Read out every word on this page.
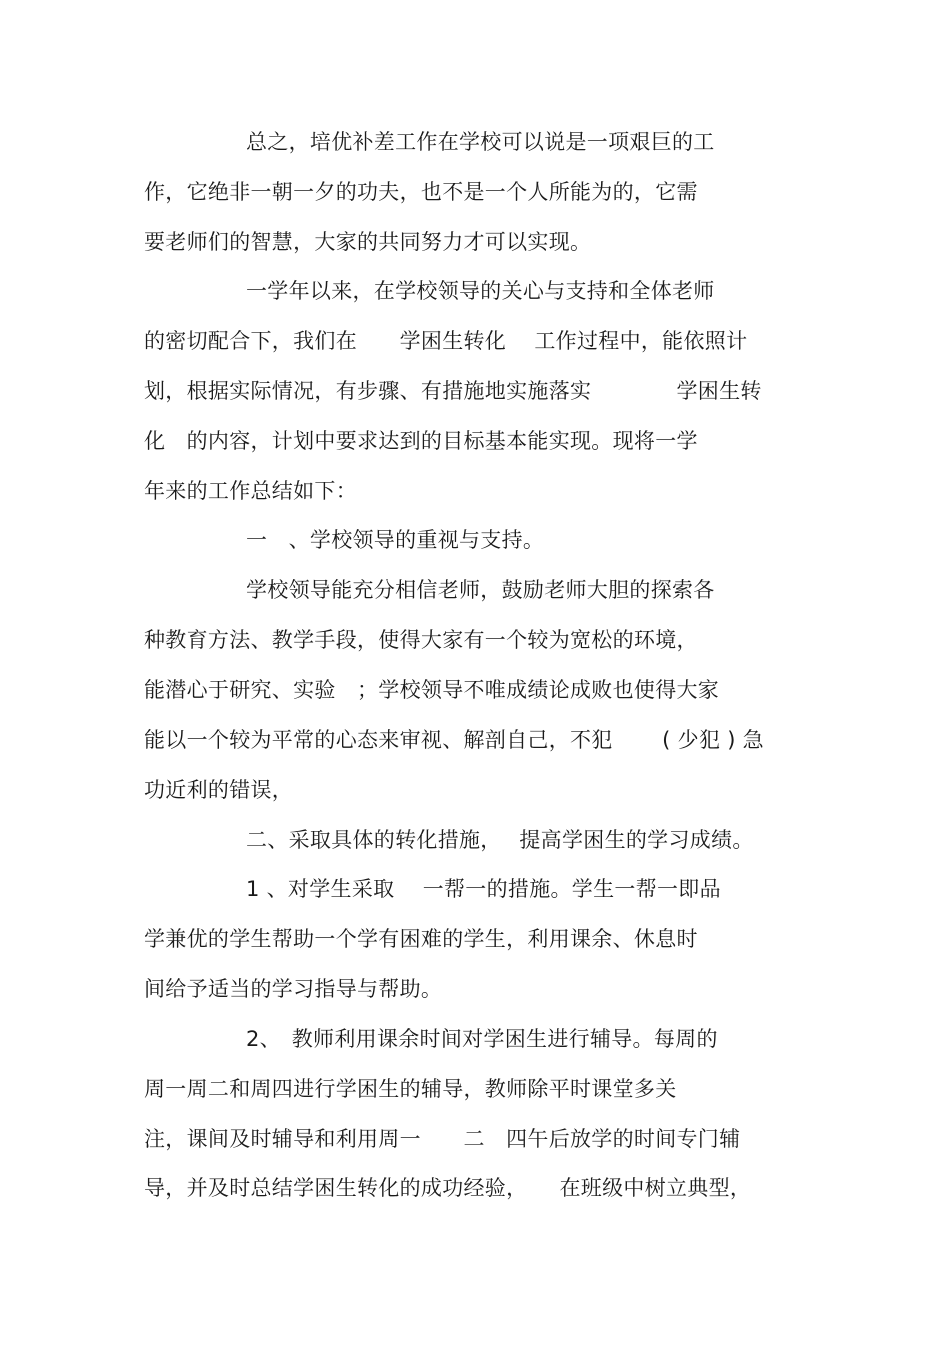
总之，培优补差工作在学校可以说是一项艰巨的工
作，它绝非一朝一夕的功夫，也不是一个人所能为的，它需
要老师们的智慧，大家的共同努力才可以实现。
一学年以来，在学校领导的关心与支持和全体老师
的密切配合下，我们在　　学困生转化　 工作过程中，能依照计
划，根据实际情况，有步骤、有措施地实施落实　　　　学困生转
化　的内容，计划中要求达到的目标基本能实现。现将一学
年来的工作总结如下：
一　、学校领导的重视与支持。
学校领导能充分相信老师，鼓励老师大胆的探索各
种教育方法、教学手段，使得大家有一个较为宽松的环境，
能潜心于研究、实验　；学校领导不唯成绩论成败也使得大家
能以一个较为平常的心态来审视、解剖自己，不犯　　 ( 少犯 ) 急
功近利的错误，
二、采取具体的转化措施，　 提高学困生的学习成绩。
1 、对学生采取　 一帮一的措施。学生一帮一即品
学兼优的学生帮助一个学有困难的学生，利用课余、休息时
间给予适当的学习指导与帮助。
2、　教师利用课余时间对学困生进行辅导。每周的
周一周二和周四进行学困生的辅导，教师除平时课堂多关
注，课间及时辅导和利用周一　　二　四午后放学的时间专门辅
导，并及时总结学困生转化的成功经验，　　在班级中树立典型，
